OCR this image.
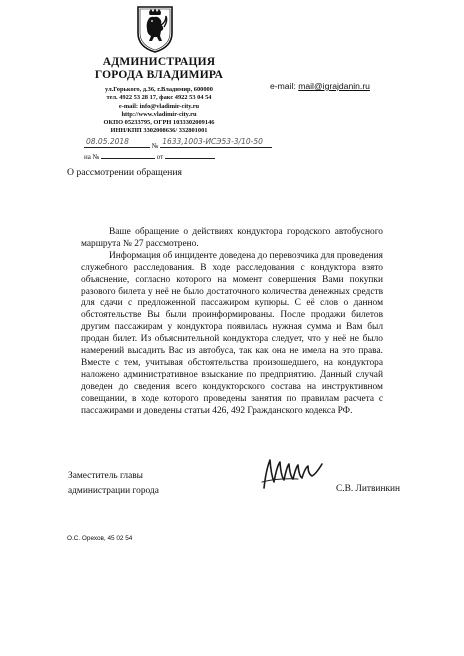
АДМИНИСТРАЦИЯ
ГОРОДА ВЛАДИМИРА
ул.Горького, д.36, г.Владимир, 600000
тел. 4922 53 28 17, факс 4922 53 04 54
e-mail: info@vladimir-city.ru
http://www.vladimir-city.ru
ОКПО 05233795, ОГРН 1033302009146
ИНН/КПП 3302008636/ 332801001
e-mail: mail@igrajdanin.ru
08.05.2018	№ 1633,1003-ИСЭ53-3/10-50
на №	от
О рассмотрении обращения

Ваше обращение о действиях кондуктора городского автобусного маршрута № 27 рассмотрено.

Информация об инциденте доведена до перевозчика для проведения служебного расследования. В ходе расследования с кондуктора взято объяснение, согласно которого на момент совершения Вами покупки разового билета у неё не было достаточного количества денежных средств для сдачи с предложенной пассажиром купюры. С её слов о данном обстоятельстве Вы были проинформированы. После продажи билетов другим пассажирам у кондуктора появилась нужная сумма и Вам был продан билет. Из объяснительной кондуктора следует, что у неё не было намерений высадить Вас из автобуса, так как она не имела на это права. Вместе с тем, учитывая обстоятельства произошедшего, на кондуктора наложено административное взыскание по предприятию. Данный случай доведен до сведения всего кондукторского состава на инструктивном совещании, в ходе которого проведены занятия по правилам расчета с пассажирами и доведены статьи 426, 492 Гражданского кодекса РФ.

Заместитель главы
администрации города	С.В. Литвинкин
О.С. Орехов, 45 02 54
